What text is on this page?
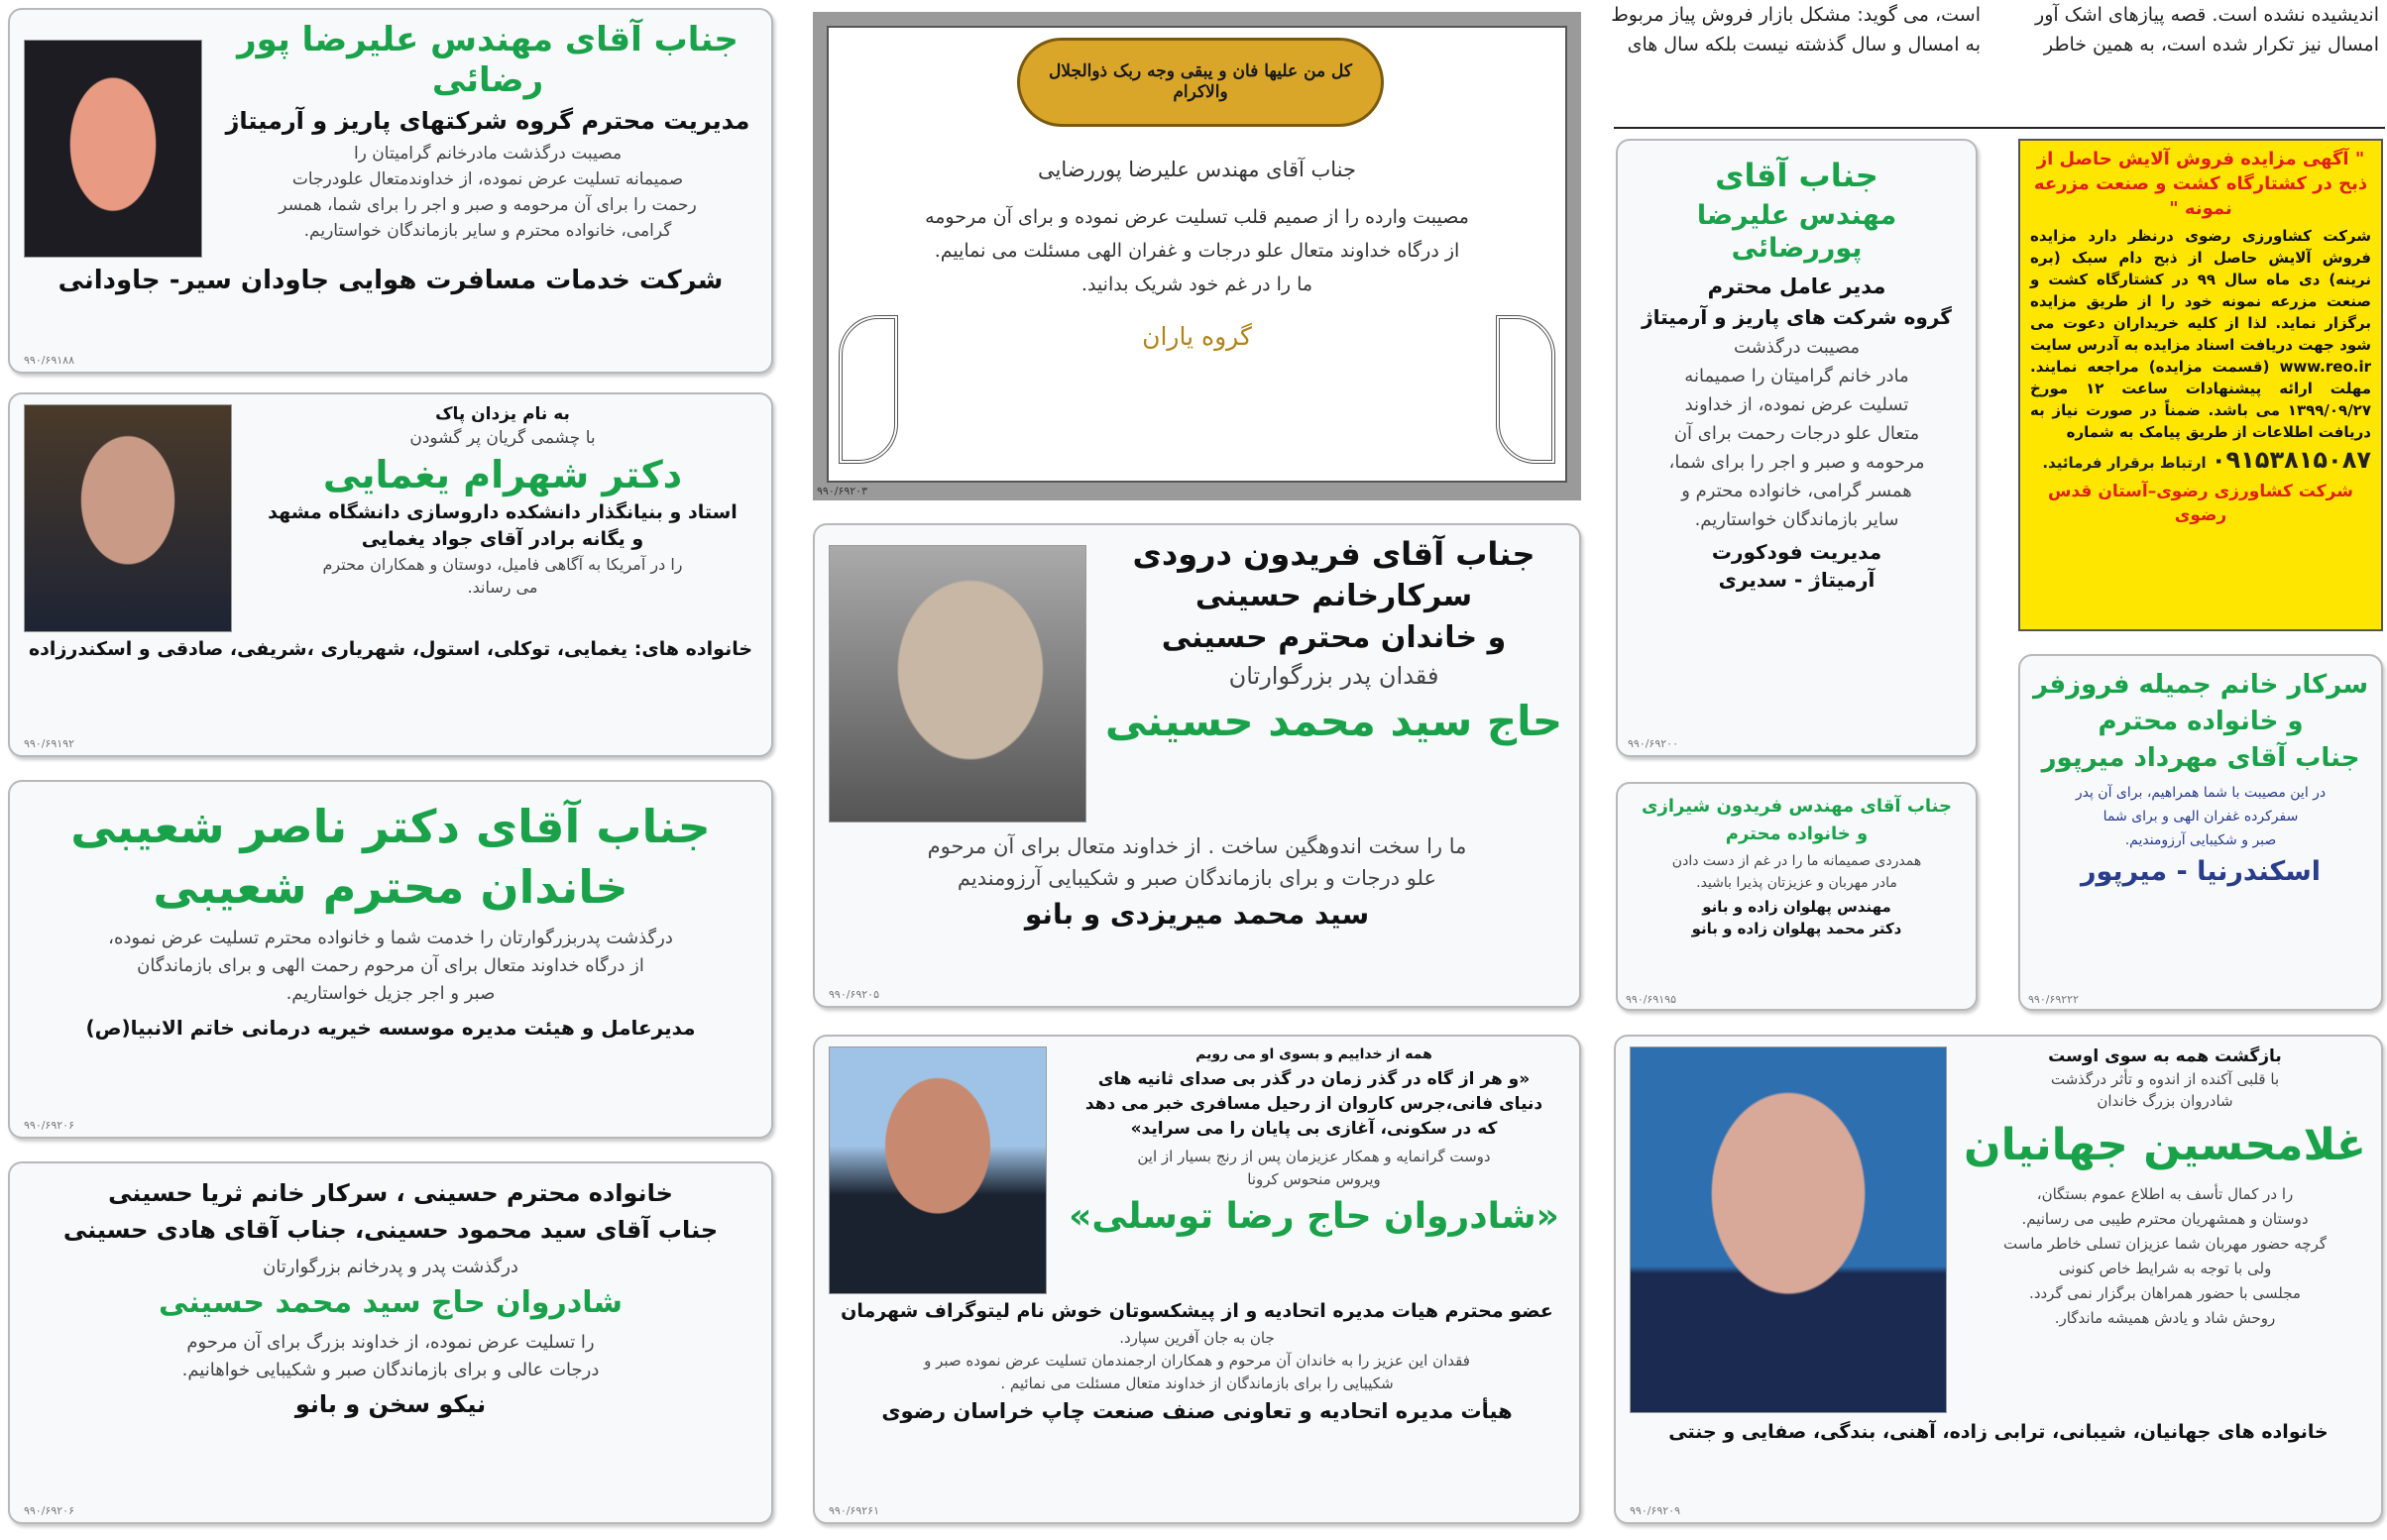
اندیشیده نشده است. قصه پیازهای اشک آور
امسال نیز تکرار شده است، به همین خاطر
است، می گوید: مشکل بازار فروش پیاز مربوط
به امسال و سال گذشته نیست بلکه سال های
جناب آقای مهندس علیرضا پور رضائی
مدیریت محترم گروه شرکتهای پاریز و آرمیتاژ
مصیبت درگذشت مادرخانم گرامیتان را
صمیمانه تسلیت عرض نموده، از خداوندمتعال علودرجات
رحمت را برای آن مرحومه و صبر و اجر را برای شما، همسر
گرامی، خانواده محترم و سایر بازماندگان خواستاریم.
شرکت خدمات مسافرت هوایی جاودان سیر- جاودانی
۹۹۰/۶۹۱۸۸
به نام یزدان پاک
با چشمی گریان پر گشودن
دکتر شهرام یغمایی
استاد و بنیانگذار دانشکده داروسازی دانشگاه مشهد
و یگانه برادر آقای جواد یغمایی
را در آمریکا به آگاهی فامیل، دوستان و همکاران محترم
می رساند.
خانواده های: یغمایی، توکلی، استول، شهریاری ،شریفی، صادقی و اسکندرزاده
۹۹۰/۶۹۱۹۲
جناب آقای دکتر ناصر شعیبی
خاندان محترم شعیبی
درگذشت پدربزرگوارتان را خدمت شما و خانواده محترم تسلیت عرض نموده،
از درگاه خداوند متعال برای آن مرحوم رحمت الهی و برای بازماندگان
صبر و اجر جزیل خواستاریم.
مدیرعامل و هیئت مدیره موسسه خیریه درمانی خاتم الانبیا(ص)
۹۹۰/۶۹۲۰۶
خانواده محترم حسینی ، سرکار خانم ثریا حسینی
جناب آقای سید محمود حسینی، جناب آقای هادی حسینی
درگذشت پدر و پدرخانم بزرگوارتان
شادروان حاج سید محمد حسینی
را تسلیت عرض نموده، از خداوند بزرگ برای آن مرحوم
درجات عالی و برای بازماندگان صبر و شکیبایی خواهانیم.
نیکو سخن و بانو
۹۹۰/۶۹۲۰۶
کل من علیها فان و یبقی وجه ربک ذوالجلال والاکرام
جناب آقای مهندس علیرضا پوررضایی
مصیبت وارده را از صمیم قلب تسلیت عرض نموده و برای آن مرحومه
از درگاه خداوند متعال علو درجات و غفران الهی مسئلت می نماییم.
ما را در غم خود شریک بدانید.
گروه یاران
۹۹۰/۶۹۲۰۳
جناب آقای فریدون درودی
سرکارخانم حسینی
و خاندان محترم حسینی
فقدان پدر بزرگوارتان
حاج سید محمد حسینی
ما را سخت اندوهگین ساخت . از خداوند متعال برای آن مرحوم
علو درجات و برای بازماندگان صبر و شکیبایی آرزومندیم
سید محمد میریزدی و بانو
۹۹۰/۶۹۲۰۵
همه از خداییم و بسوی او می رویم
«و هر از گاه در گذر زمان در گذر بی صدای ثانیه های
دنیای فانی،جرس کاروان از رحیل مسافری خبر می دهد
که در سکونی، آغازی بی پایان را می سراید»
دوست گرانمایه و همکار عزیزمان پس از رنج بسیار از این
ویروس منحوس کرونا
«شادروان حاج رضا توسلی»
عضو محترم هیات مدیره اتحادیه و از پیشکسوتان خوش نام لیتوگراف شهرمان
جان به جان آفرین سپارد.
فقدان این عزیز را به خاندان آن مرحوم و همکاران ارجمندمان تسلیت عرض نموده صبر و
شکیبایی را برای بازماندگان از خداوند متعال مسئلت می نمائیم .
هیأت مدیره اتحادیه و تعاونی صنف صنعت چاپ خراسان رضوی
۹۹۰/۶۹۲۶۱
جناب آقای
مهندس علیرضا پوررضائی
مدیر عامل محترم
گروه شرکت های پاریز و آرمیتاژ
مصیبت درگذشت
مادر خانم گرامیتان را صمیمانه
تسلیت عرض نموده، از خداوند
متعال علو درجات رحمت برای آن
مرحومه و صبر و اجر را برای شما،
همسر گرامی، خانواده محترم و
سایر بازماندگان خواستاریم.
مدیریت فودکورت
آرمیتاژ - سدیری
۹۹۰/۶۹۲۰۰
" آگهی مزایده فروش آلایش حاصل از ذبح در کشتارگاه کشت و صنعت مزرعه نمونه "
شرکت کشاورزی رضوی درنظر دارد مزایده فروش آلایش حاصل از ذبح دام سبک (بره نرینه) دی ماه سال ۹۹ در کشتارگاه کشت و صنعت مزرعه نمونه خود را از طریق مزایده برگزار نماید. لذا از کلیه خریداران دعوت می شود جهت دریافت اسناد مزایده به آدرس سایت www.reo.ir (قسمت مزایده) مراجعه نمایند. مهلت ارائه پیشنهادات ساعت ۱۲ مورخ ۱۳۹۹/۰۹/۲۷ می باشد. ضمناً در صورت نیاز به دریافت اطلاعات از طریق پیامک به شماره
۰۹۱۵۳۸۱۵۰۸۷ ارتباط برقرار فرمائید.
شرکت کشاورزی رضوی–آستان قدس رضوی
جناب آقای مهندس فریدون شیرازی
و خانواده محترم
همدردی صمیمانه ما را در غم از دست دادن
مادر مهربان و عزیزتان پذیرا باشید.
مهندس پهلوان زاده و بانو
دکتر محمد پهلوان زاده و بانو
۹۹۰/۶۹۱۹۵
سرکار خانم جمیله فروزفر
و خانواده محترم
جناب آقای مهرداد میرپور
در این مصیبت با شما همراهیم، برای آن پدر
سفرکرده غفران الهی و برای شما
صبر و شکیبایی آرزومندیم.
اسکندرنیا - میرپور
۹۹۰/۶۹۲۲۲
بازگشت همه به سوی اوست
با قلبی آکنده از اندوه و تأثر درگذشت
شادروان بزرگ خاندان
غلامحسین جهانیان
را در کمال تأسف به اطلاع عموم بستگان،
دوستان و همشهریان محترم طیبی می رسانیم.
گرچه حضور مهربان شما عزیزان تسلی خاطر ماست
ولی با توجه به شرایط خاص کنونی
مجلسی با حضور همراهان برگزار نمی گردد.
روحش شاد و یادش همیشه ماندگار.
خانواده های جهانیان، شیبانی، ترابی زاده، آهنی، بندگی، صفایی و جنتی
۹۹۰/۶۹۲۰۹
